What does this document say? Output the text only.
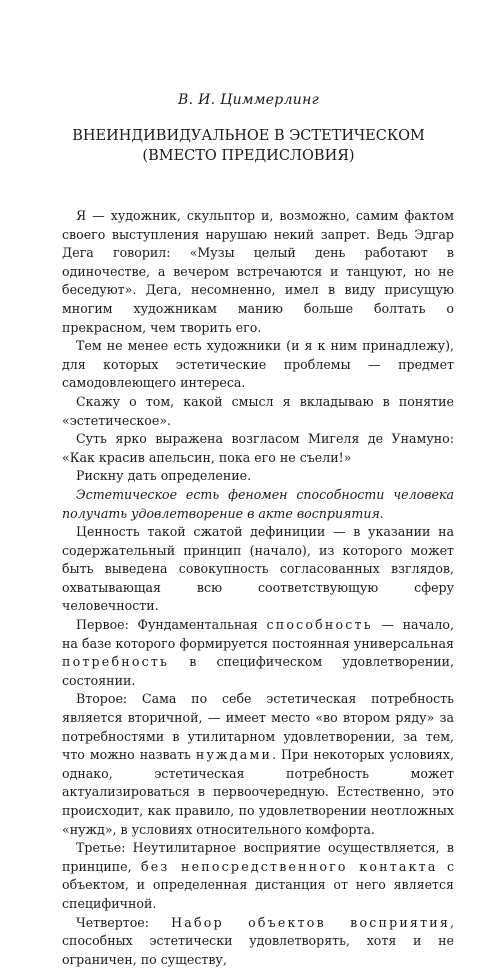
В. И. Циммерлинг
ВНЕИНДИВИДУАЛЬНОЕ В ЭСТЕТИЧЕСКОМ
(ВМЕСТО ПРЕДИСЛОВИЯ)

Я — художник, скульптор и, возможно, самим фактом своего выступления нарушаю некий запрет. Ведь Эдгар Дега говорил: «Музы целый день работают в одиночестве, а вечером встречаются и танцуют, но не беседуют». Дега, несомненно, имел в виду присущую многим художникам манию больше болтать о прекрасном, чем творить его.

Тем не менее есть художники (и я к ним принадлежу), для которых эстетические проблемы — предмет самодовлеющего интереса.

Скажу о том, какой смысл я вкладываю в понятие «эстетическое».

Суть ярко выражена возгласом Мигеля де Унамуно: «Как красив апельсин, пока его не съели!»

Рискну дать определение.

Эстетическое есть феномен способности человека получать удовлетворение в акте восприятия.

Ценность такой сжатой дефиниции — в указании на содержательный принцип (начало), из которого может быть выведена совокупность согласованных взглядов, охватывающая всю соответствующую сферу человечности.

Первое: Фундаментальная способность — начало, на базе которого формируется постоянная универсальная потребность в специфическом удовлетворении, состоянии.

Второе: Сама по себе эстетическая потребность является вторичной, — имеет место «во втором ряду» за потребностями в утилитарном удовлетворении, за тем, что можно назвать нуждами. При некоторых условиях, однако, эстетическая потребность может актуализироваться в первоочередную. Естественно, это происходит, как правило, по удовлетворении неотложных «нужд», в условиях относительного комфорта.

Третье: Неутилитарное восприятие осуществляется, в принципе, без непосредственного контакта с объектом, и определенная дистанция от него является специфичной.

Четвертое: Набор объектов восприятия, способных эстетически удовлетворять, хотя и не ограничен, по существу,
